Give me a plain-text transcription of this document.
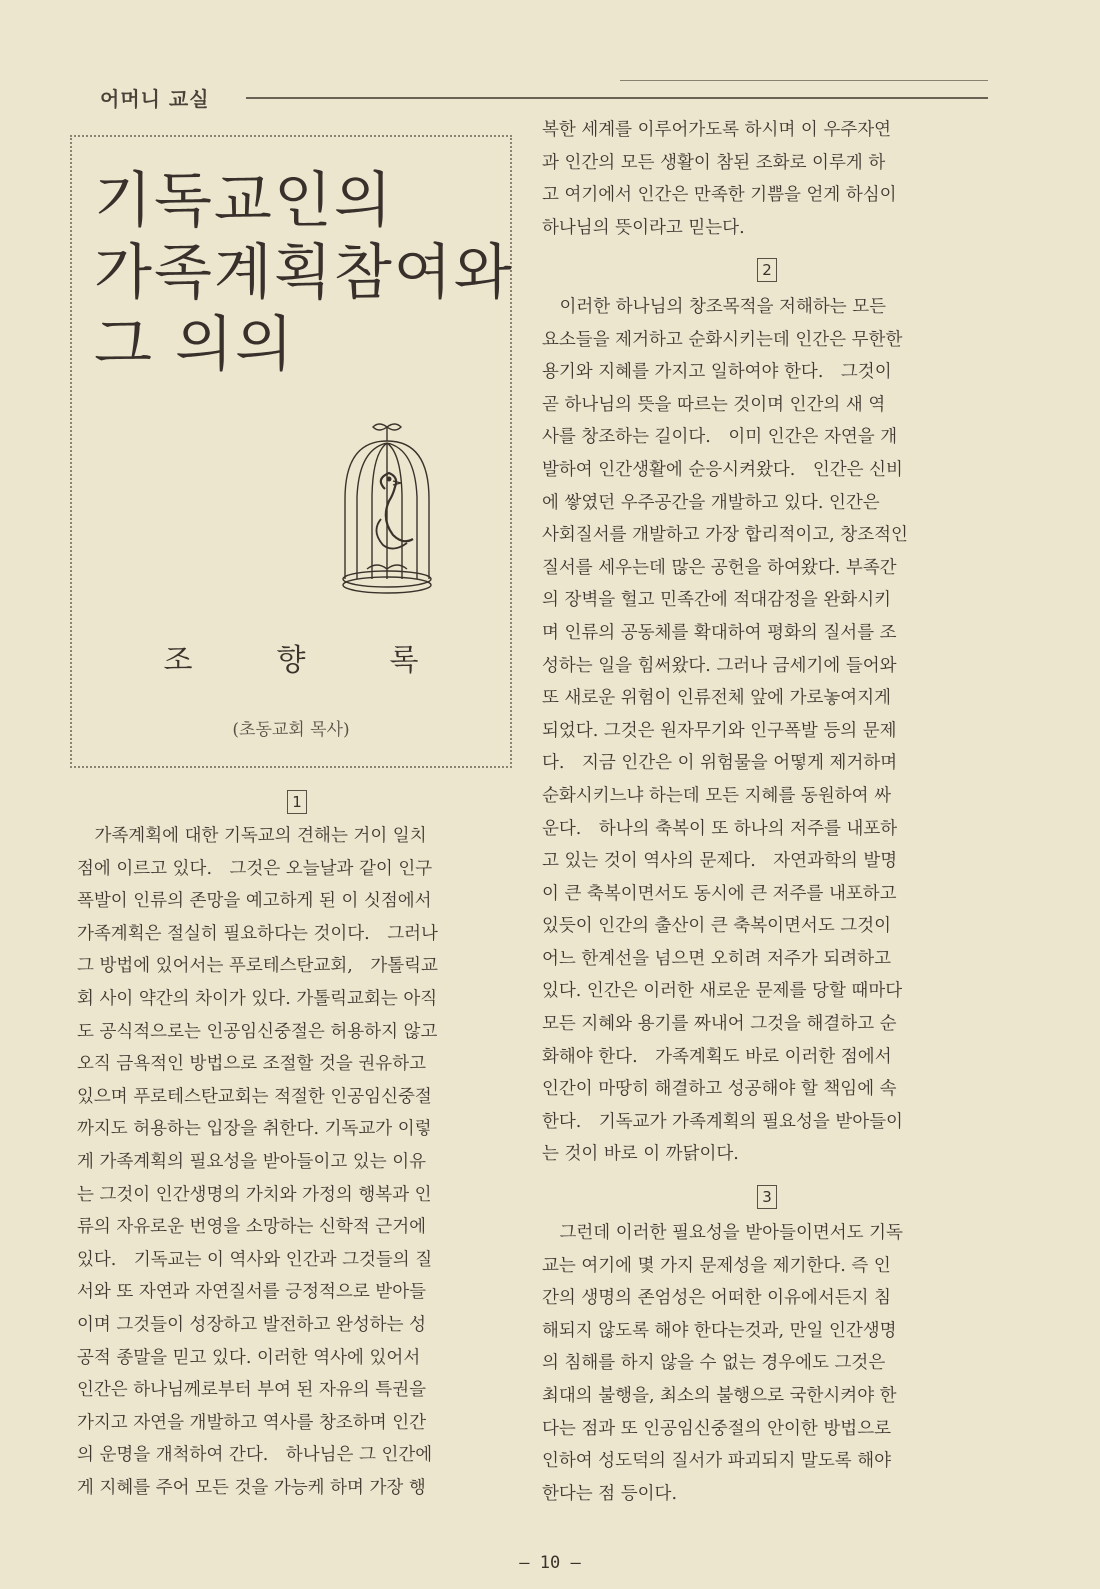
어머니 교실
기독교인의
가족계획참여와
그 의의
조	향	록
(초동교회 목사)
1

　가족계획에 대한 기독교의 견해는 거이 일치

점에 이르고 있다.　그것은 오늘날과 같이 인구

폭발이 인류의 존망을 예고하게 된 이 싯점에서

가족계획은 절실히 필요하다는 것이다.　그러나

그 방법에 있어서는 푸로테스탄교회,　가톨릭교

회 사이 약간의 차이가 있다. 가톨릭교회는 아직

도 공식적으로는 인공임신중절은 허용하지 않고

오직 금욕적인 방법으로 조절할 것을 권유하고

있으며 푸로테스탄교회는 적절한 인공임신중절

까지도 허용하는 입장을 취한다. 기독교가 이렇

게 가족계획의 필요성을 받아들이고 있는 이유

는 그것이 인간생명의 가치와 가정의 행복과 인

류의 자유로운 번영을 소망하는 신학적 근거에

있다.　기독교는 이 역사와 인간과 그것들의 질

서와 또 자연과 자연질서를 긍정적으로 받아들

이며 그것들이 성장하고 발전하고 완성하는 성

공적 종말을 믿고 있다. 이러한 역사에 있어서

인간은 하나님께로부터 부여 된 자유의 특권을

가지고 자연을 개발하고 역사를 창조하며 인간

의 운명을 개척하여 간다.　하나님은 그 인간에

게 지혜를 주어 모든 것을 가능케 하며 가장 행

복한 세계를 이루어가도록 하시며 이 우주자연

과 인간의 모든 생활이 참된 조화로 이루게 하

고 여기에서 인간은 만족한 기쁨을 얻게 하심이

하나님의 뜻이라고 믿는다.

2

　이러한 하나님의 창조목적을 저해하는 모든

요소들을 제거하고 순화시키는데 인간은 무한한

용기와 지혜를 가지고 일하여야 한다.　그것이

곧 하나님의 뜻을 따르는 것이며 인간의 새 역

사를 창조하는 길이다.　이미 인간은 자연을 개

발하여 인간생활에 순응시켜왔다.　인간은 신비

에 쌓였던 우주공간을 개발하고 있다. 인간은

사회질서를 개발하고 가장 합리적이고, 창조적인

질서를 세우는데 많은 공헌을 하여왔다. 부족간

의 장벽을 헐고 민족간에 적대감정을 완화시키

며 인류의 공동체를 확대하여 평화의 질서를 조

성하는 일을 힘써왔다. 그러나 금세기에 들어와

또 새로운 위험이 인류전체 앞에 가로놓여지게

되었다. 그것은 원자무기와 인구폭발 등의 문제

다.　지금 인간은 이 위험물을 어떻게 제거하며

순화시키느냐 하는데 모든 지혜를 동원하여 싸

운다.　하나의 축복이 또 하나의 저주를 내포하

고 있는 것이 역사의 문제다.　자연과학의 발명

이 큰 축복이면서도 동시에 큰 저주를 내포하고

있듯이 인간의 출산이 큰 축복이면서도 그것이

어느 한계선을 넘으면 오히려 저주가 되려하고

있다. 인간은 이러한 새로운 문제를 당할 때마다

모든 지혜와 용기를 짜내어 그것을 해결하고 순

화해야 한다.　가족계획도 바로 이러한 점에서

인간이 마땅히 해결하고 성공해야 할 책임에 속

한다.　기독교가 가족계획의 필요성을 받아들이

는 것이 바로 이 까닭이다.

3

　그런데 이러한 필요성을 받아들이면서도 기독

교는 여기에 몇 가지 문제성을 제기한다. 즉 인

간의 생명의 존엄성은 어떠한 이유에서든지 침

해되지 않도록 해야 한다는것과, 만일 인간생명

의 침해를 하지 않을 수 없는 경우에도 그것은

최대의 불행을, 최소의 불행으로 국한시켜야 한

다는 점과 또 인공임신중절의 안이한 방법으로

인하여 성도덕의 질서가 파괴되지 말도록 해야

한다는 점 등이다.

— 10 —
